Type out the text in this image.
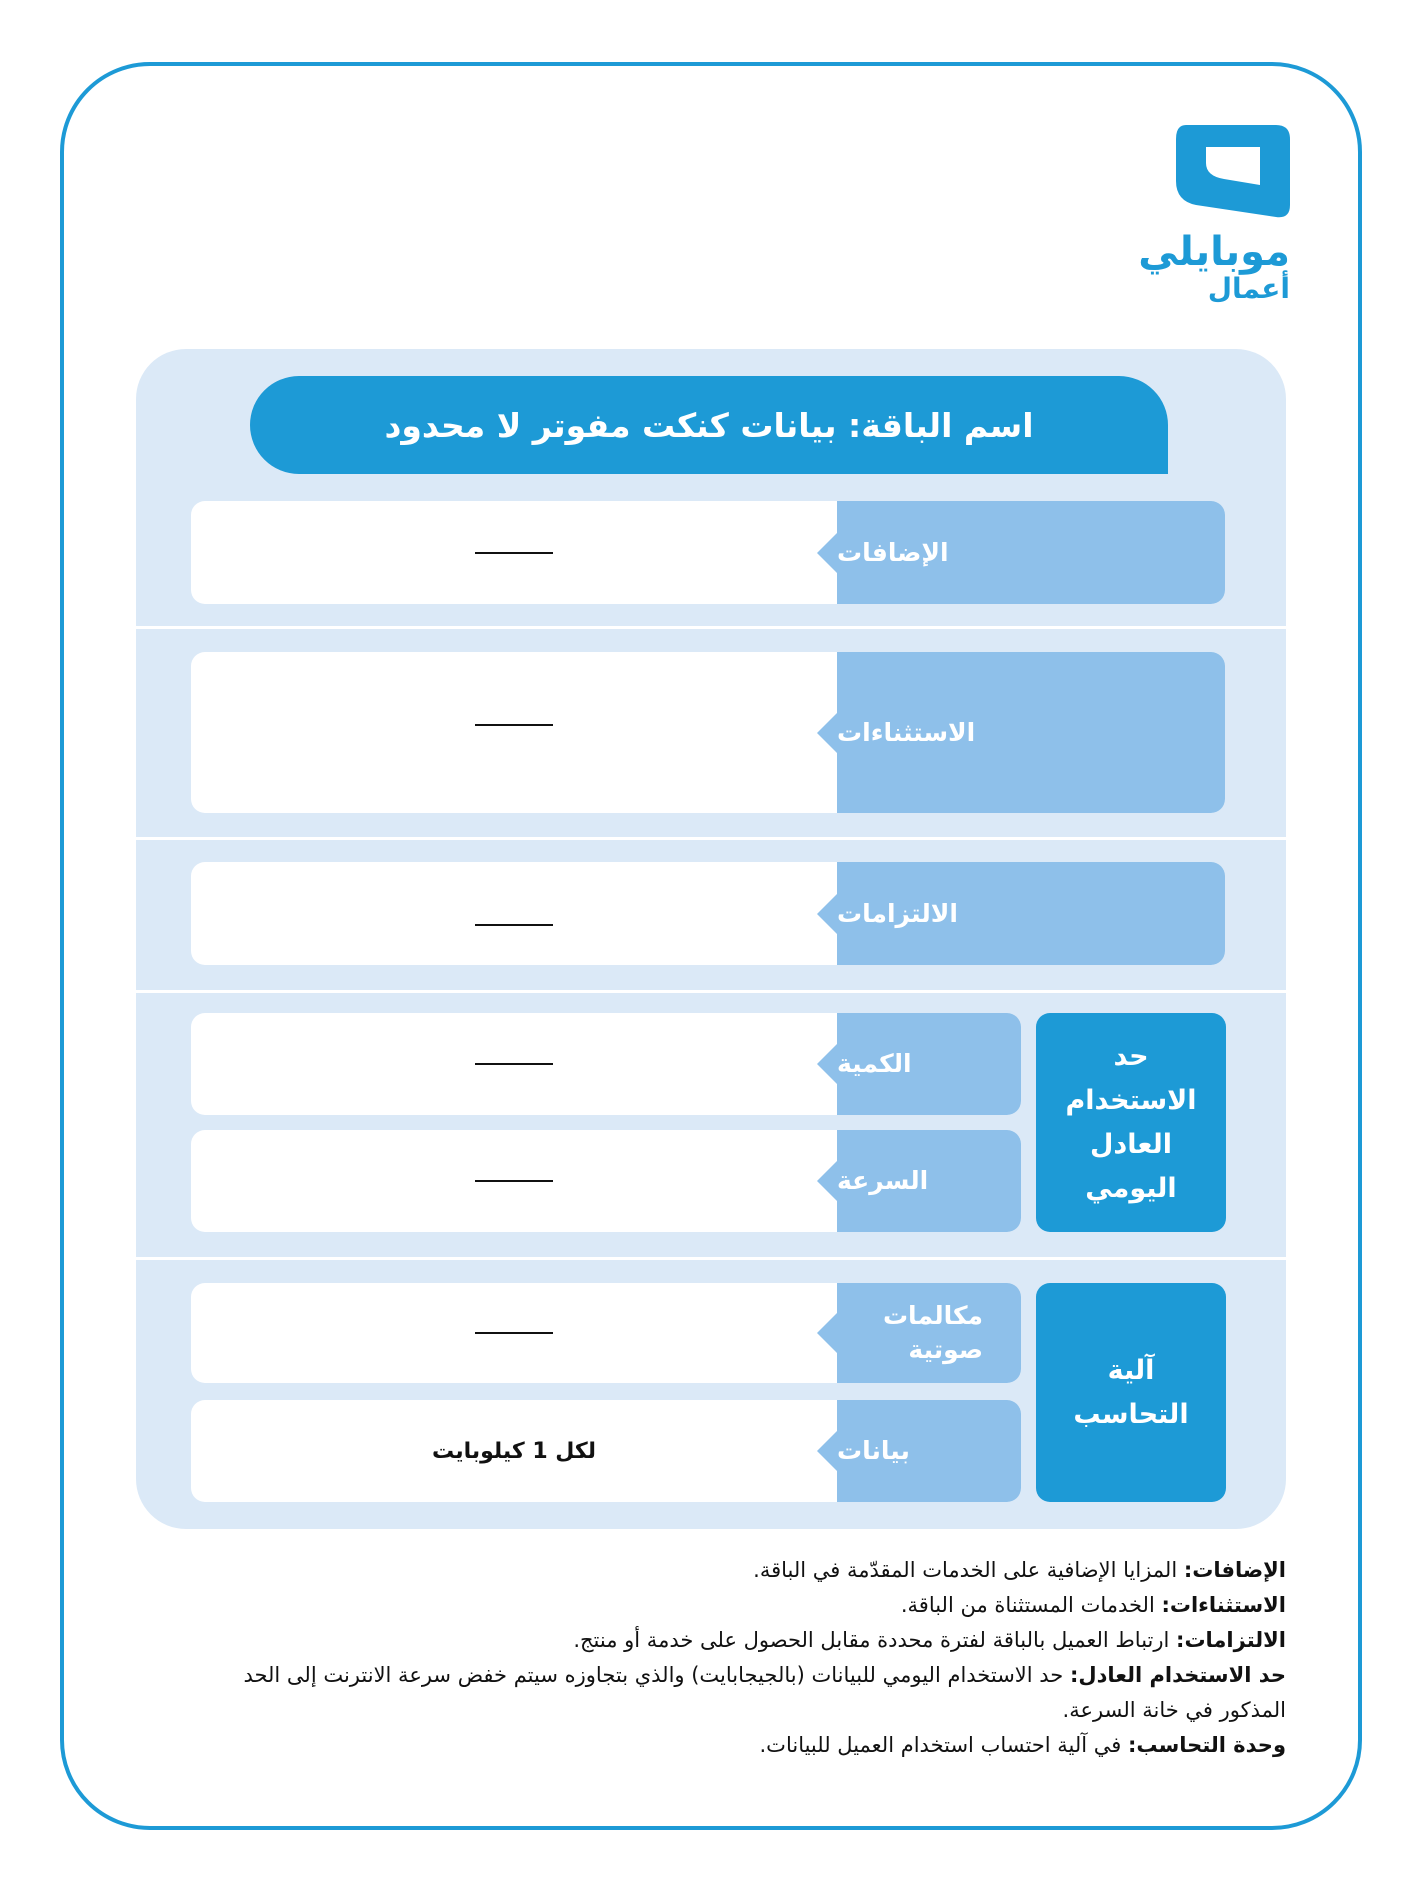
موبايلي
أعمال
اسم الباقة: بيانات كنكت مفوتر لا محدود
الإضافات
الاستثناءات
الالتزامات
حد الاستخدام العادل اليومي
الكمية
السرعة
آلية التحاسب
مكالمات صوتية
لكل 1 كيلوبايت	بيانات

الإضافات: المزايا الإضافية على الخدمات المقدّمة في الباقة.

الاستثناءات: الخدمات المستثناة من الباقة.

الالتزامات: ارتباط العميل بالباقة لفترة محددة مقابل الحصول على خدمة أو منتج.

حد الاستخدام العادل: حد الاستخدام اليومي للبيانات (بالجيجابايت) والذي بتجاوزه سيتم خفض سرعة الانترنت إلى الحد المذكور في خانة السرعة.

وحدة التحاسب: في آلية احتساب استخدام العميل للبيانات.
